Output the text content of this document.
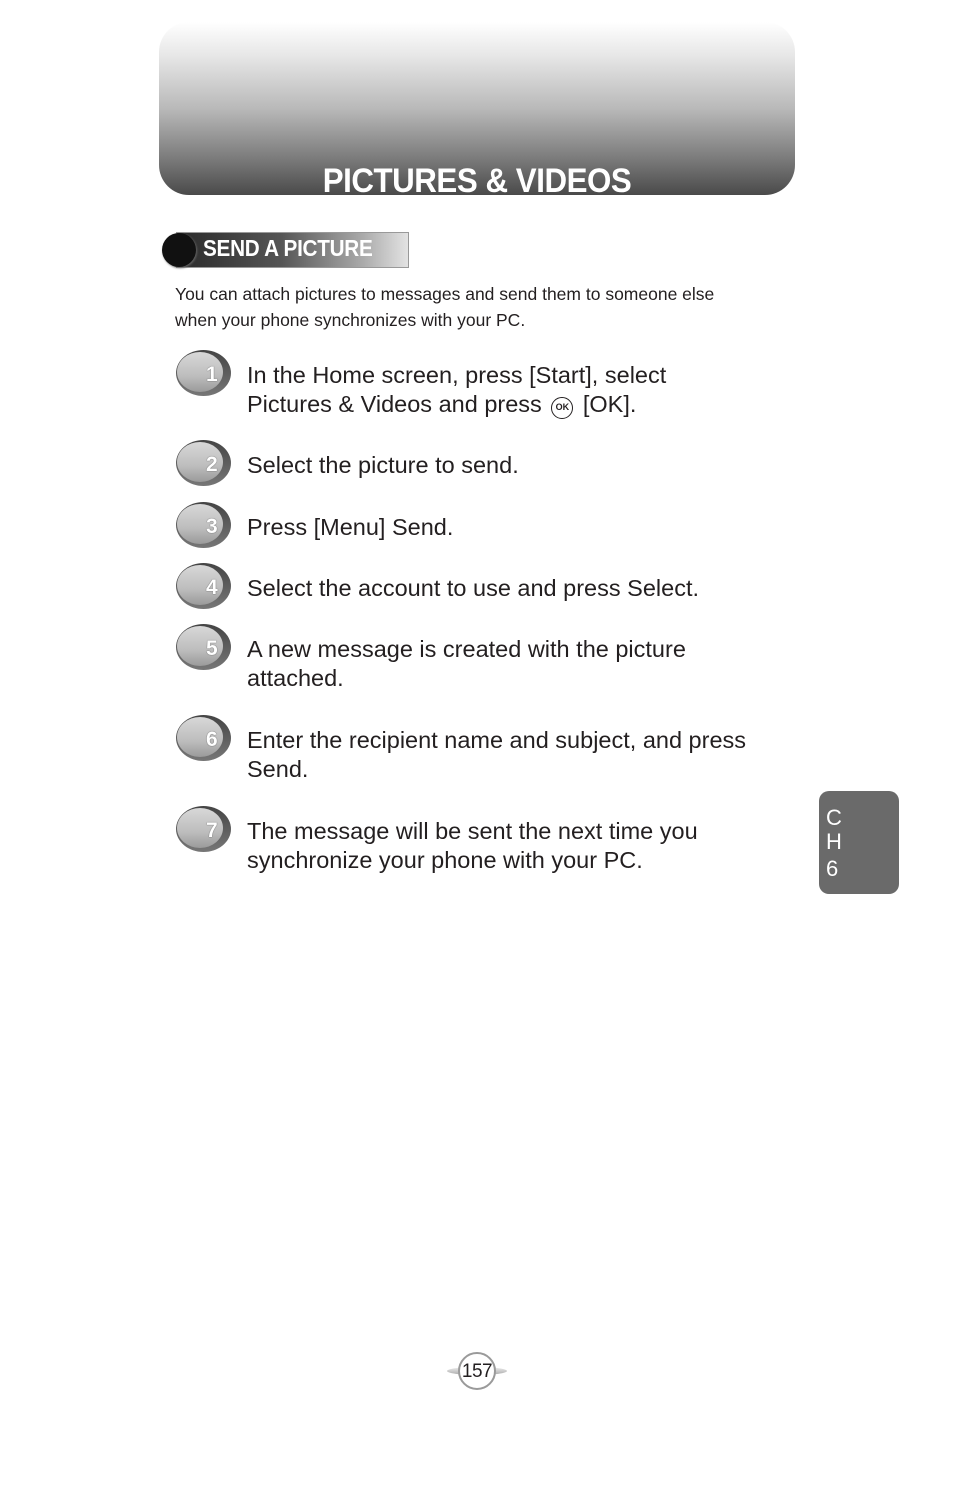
PICTURES & VIDEOS
SEND A PICTURE
You can attach pictures to messages and send them to someone else
when your phone synchronizes with your PC.
1 In the Home screen, press [Start], select
Pictures & Videos and press OK [OK].
2 Select the picture to send.
3 Press [Menu] Send.
4 Select the account to use and press Select.
5 A new message is created with the picture
attached.
6 Enter the recipient name and subject, and press
Send.
7 The message will be sent the next time you
synchronize your phone with your PC.
C
H
6
157
